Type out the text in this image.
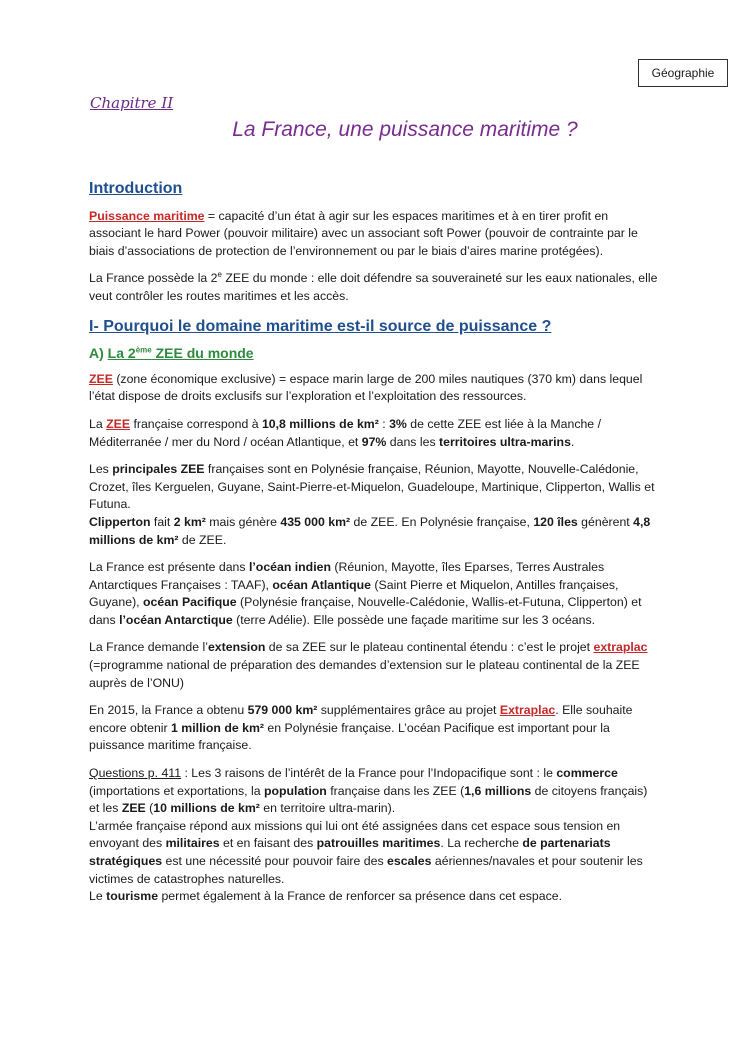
Géographie
Chapitre II
La France, une puissance maritime ?
Introduction

Puissance maritime = capacité d’un état à agir sur les espaces maritimes et à en tirer profit en associant le hard Power (pouvoir militaire) avec un associant soft Power (pouvoir de contrainte par le biais d’associations de protection de l’environnement ou par le biais d’aires marine protégées).

La France possède la 2e ZEE du monde : elle doit défendre sa souveraineté sur les eaux nationales, elle veut contrôler les routes maritimes et les accès.

I- Pourquoi le domaine maritime est-il source de puissance ?
A) La 2ème ZEE du monde

ZEE (zone économique exclusive) = espace marin large de 200 miles nautiques (370 km) dans lequel l’état dispose de droits exclusifs sur l’exploration et l’exploitation des ressources.

La ZEE française correspond à 10,8 millions de km² : 3% de cette ZEE est liée à la Manche / Méditerranée / mer du Nord / océan Atlantique, et 97% dans les territoires ultra-marins.

Les principales ZEE françaises sont en Polynésie française, Réunion, Mayotte, Nouvelle-Calédonie, Crozet, îles Kerguelen, Guyane, Saint-Pierre-et-Miquelon, Guadeloupe, Martinique, Clipperton, Wallis et Futuna.
Clipperton fait 2 km² mais génère 435 000 km² de ZEE. En Polynésie française, 120 îles génèrent 4,8 millions de km² de ZEE.

La France est présente dans l’océan indien (Réunion, Mayotte, îles Eparses, Terres Australes Antarctiques Françaises : TAAF), océan Atlantique (Saint Pierre et Miquelon, Antilles françaises, Guyane), océan Pacifique (Polynésie française, Nouvelle-Calédonie, Wallis-et-Futuna, Clipperton) et dans l’océan Antarctique (terre Adélie). Elle possède une façade maritime sur les 3 océans.

La France demande l’extension de sa ZEE sur le plateau continental étendu : c’est le projet extraplac (=programme national de préparation des demandes d’extension sur le plateau continental de la ZEE auprès de l’ONU)

En 2015, la France a obtenu 579 000 km² supplémentaires grâce au projet Extraplac. Elle souhaite encore obtenir 1 million de km² en Polynésie française. L’océan Pacifique est important pour la puissance maritime française.

Questions p. 411 : Les 3 raisons de l’intérêt de la France pour l’Indopacifique sont : le commerce (importations et exportations, la population française dans les ZEE (1,6 millions de citoyens français) et les ZEE (10 millions de km² en territoire ultra-marin).
L’armée française répond aux missions qui lui ont été assignées dans cet espace sous tension en envoyant des militaires et en faisant des patrouilles maritimes. La recherche de partenariats stratégiques est une nécessité pour pouvoir faire des escales aériennes/navales et pour soutenir les victimes de catastrophes naturelles.
Le tourisme permet également à la France de renforcer sa présence dans cet espace.
